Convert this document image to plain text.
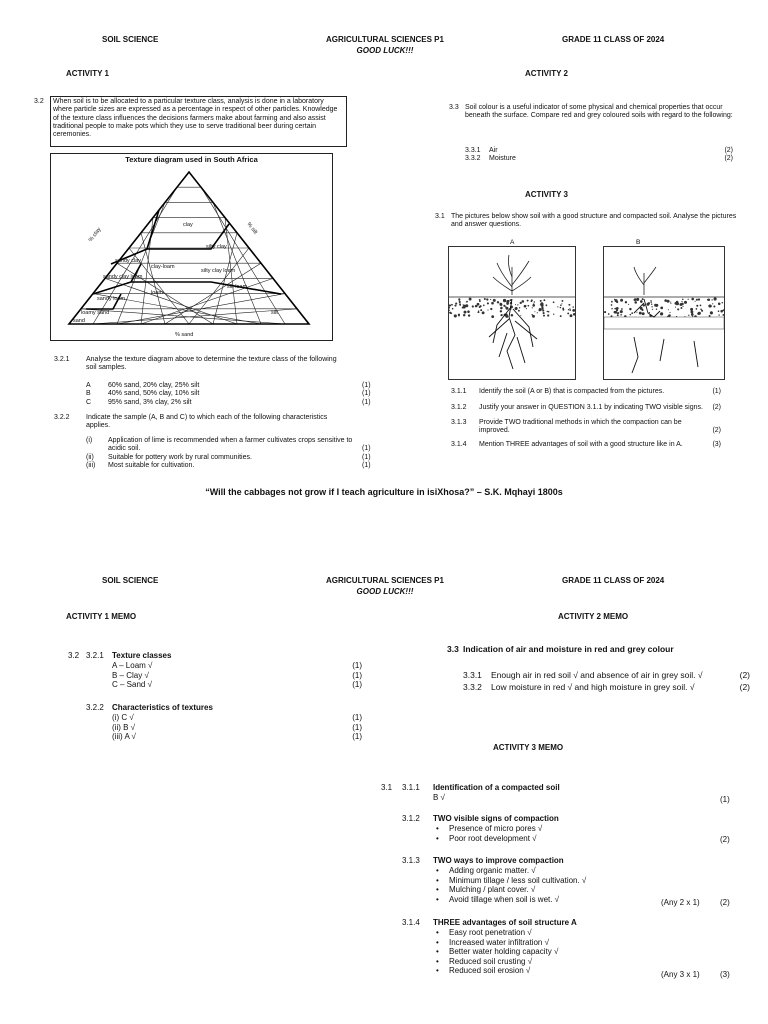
SOIL SCIENCE	AGRICULTURAL SCIENCES P1
GOOD LUCK!!!
GRADE 11 CLASS OF 2024
ACTIVITY 1
3.2	When soil is to be allocated to a particular texture class, analysis is done in a laboratory where particle sizes are expressed as a percentage in respect of other particles. Knowledge of the texture class influences the decisions farmers make about farming and also assist traditional people to make pots which they use to serve traditional beer during certain ceremonies.
Texture diagram used in South Africa
% clay	% silt
% sand
clay
silty clay
sandy clay
clay-loam
silty clay loam
sandy clay loam
loam
silt loam
sandy loam
loamy sand
sand
silt
3.2.1 Analyse the texture diagram above to determine the texture class of the following soil samples.
A	60% sand, 20% clay, 25% silt	(1)
B	40% sand, 50% clay, 10% silt	(1)
C	95% sand, 3% clay, 2% silt	(1)
3.2.2 Indicate the sample (A, B and C) to which each of the following characteristics applies.
(i)	Application of lime is recommended when a farmer cultivates crops sensitive to acidic soil.	(1)
(ii)	Suitable for pottery work by rural communities.	(1)
(iii)	Most suitable for cultivation.	(1)
ACTIVITY 2
3.3 Soil colour is a useful indicator of some physical and chemical properties that occur beneath the surface. Compare red and grey coloured soils with regard to the following:
3.3.1	Air	(2)
3.3.2	Moisture	(2)
ACTIVITY 3
3.1 The pictures below show soil with a good structure and compacted soil. Analyse the pictures and answer questions.
A	B
3.1.1	Identify the soil (A or B) that is compacted from the pictures.	(1)
3.1.2	Justify your answer in QUESTION 3.1.1 by indicating TWO visible signs.	(2)
3.1.3	Provide TWO traditional methods in which the compaction can be improved.	(2)
3.1.4	Mention THREE advantages of soil with a good structure like in A.	(3)
“Will the cabbages not grow if I teach agriculture in isiXhosa?” – S.K. Mqhayi 1800s
SOIL SCIENCE	AGRICULTURAL SCIENCES P1
GOOD LUCK!!!
GRADE 11 CLASS OF 2024
ACTIVITY 1 MEMO
3.2 3.2.1 Texture classes
A – Loam √	(1)
B – Clay √	(1)
C – Sand √	(1)
3.2.2 Characteristics of textures
(i) C √	(1)
(ii) B √	(1)
(iii) A √	(1)
ACTIVITY 2 MEMO
3.3 Indication of air and moisture in red and grey colour
3.3.1	Enough air in red soil √ and absence of air in grey soil. √	(2)
3.3.2	Low moisture in red √ and high moisture in grey soil. √	(2)
ACTIVITY 3 MEMO
3.1 3.1.1 Identification of a compacted soil
B √	(1)
3.1.2 TWO visible signs of compaction
• Presence of micro pores √
• Poor root development √	(2)
3.1.3 TWO ways to improve compaction
• Adding organic matter. √
• Minimum tillage / less soil cultivation. √
• Mulching / plant cover. √
• Avoid tillage when soil is wet. √	(Any 2 x 1)	(2)
3.1.4 THREE advantages of soil structure A
• Easy root penetration √
• Increased water infiltration √
• Better water holding capacity √
• Reduced soil crusting √
• Reduced soil erosion √	(Any 3 x 1)	(3)
